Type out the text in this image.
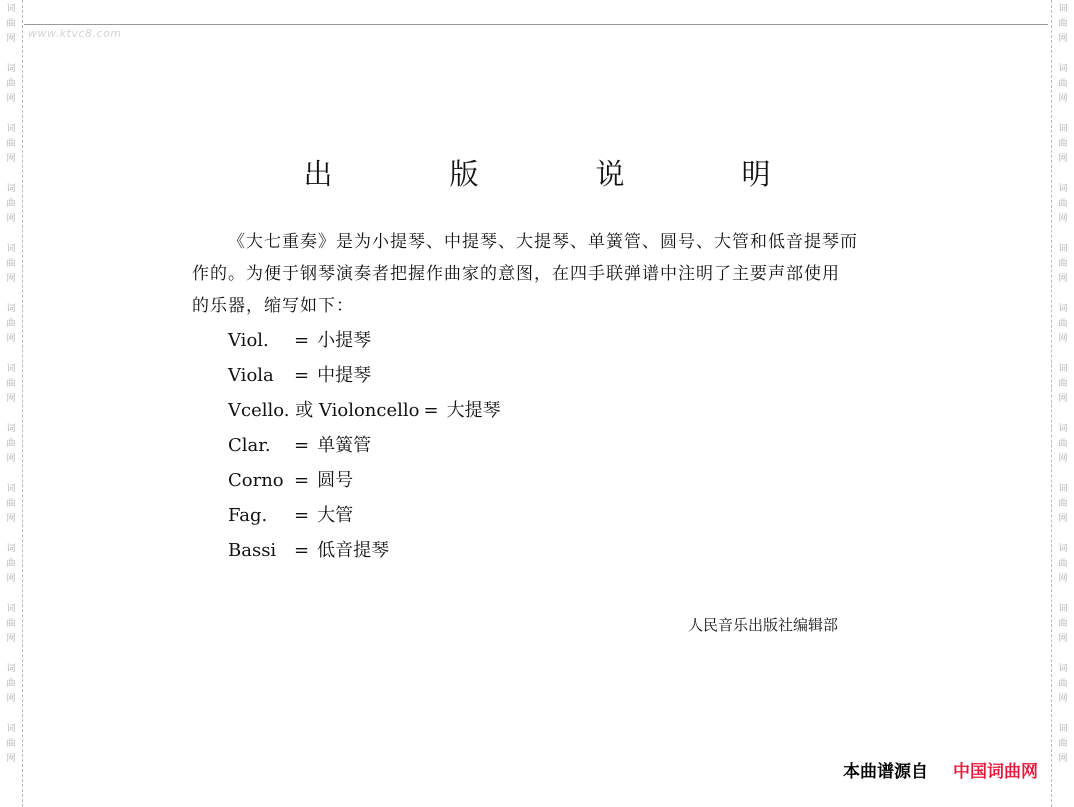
词
曲
网
词
曲
网
词
曲
网
词
曲
网
词
曲
网
词
曲
网
词
曲
网
词
曲
网
词
曲
网
词
曲
网
词
曲
网
词
曲
网
词
曲
网
词
曲
网
词
曲
网
词
曲
网
词
曲
网
词
曲
网
词
曲
网
词
曲
网
词
曲
网
词
曲
网
词
曲
网
词
曲
网
词
曲
网
词
曲
网
www.ktvc8.com
出　版　说　明
《大七重奏》是为小提琴、中提琴、大提琴、单簧管、圆号、大管和低音提琴而
作的。为便于钢琴演奏者把握作曲家的意图，在四手联弹谱中注明了主要声部使用
的乐器，缩写如下：
Viol.	= 小提琴
Viola	= 中提琴
Vcello. 或 Violoncello = 大提琴
Clar.	= 单簧管
Corno = 圆号
Fag.	= 大管
Bassi = 低音提琴
人民音乐出版社编辑部
本曲谱源自 中国词曲网
